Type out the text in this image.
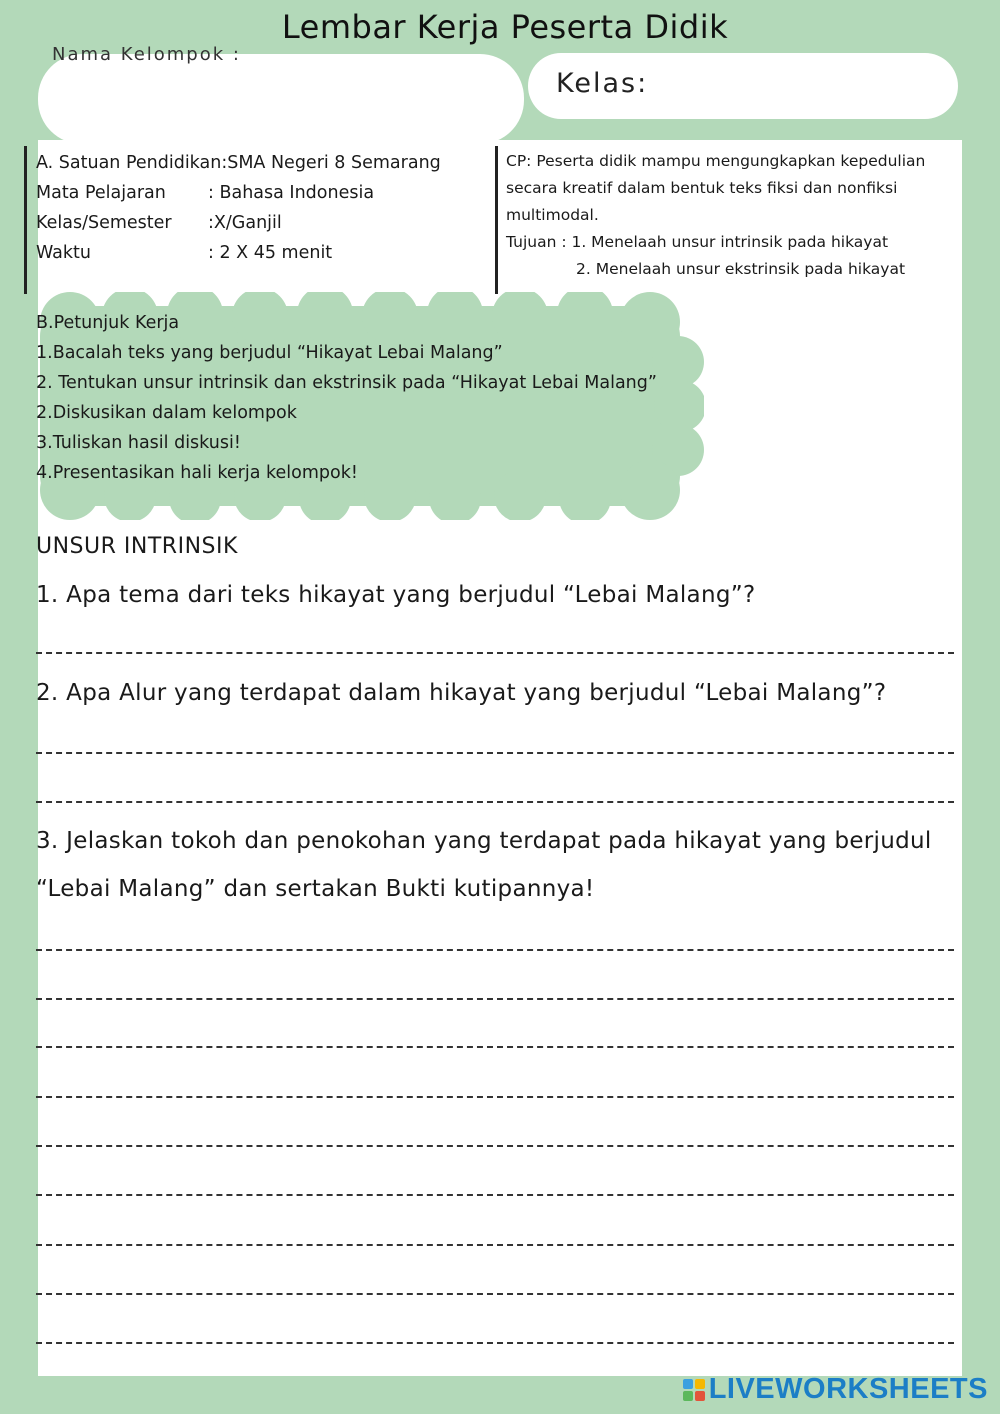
Lembar Kerja Peserta Didik
Nama Kelompok :
Kelas:
A. Satuan Pendidikan: SMA Negeri 8 Semarang
Mata Pelajaran	: Bahasa Indonesia
Kelas/Semester	:X/Ganjil
Waktu	: 2 X 45 menit
CP: Peserta didik mampu mengungkapkan kepedulian
secara kreatif dalam bentuk teks fiksi dan nonfiksi
multimodal.
Tujuan : 1. Menelaah unsur intrinsik pada hikayat
2. Menelaah unsur ekstrinsik pada hikayat
B.Petunjuk Kerja
1.Bacalah teks yang berjudul “Hikayat Lebai Malang”
2. Tentukan unsur intrinsik dan ekstrinsik pada “Hikayat Lebai Malang”
2.Diskusikan dalam kelompok
3.Tuliskan hasil diskusi!
4.Presentasikan hali kerja kelompok!
UNSUR INTRINSIK
1. Apa tema dari teks hikayat yang berjudul “Lebai Malang”?
2. Apa Alur yang terdapat dalam hikayat yang berjudul “Lebai Malang”?
3. Jelaskan tokoh dan penokohan yang terdapat pada hikayat yang berjudul
“Lebai Malang” dan sertakan Bukti kutipannya!
LIVEWORKSHEETS
